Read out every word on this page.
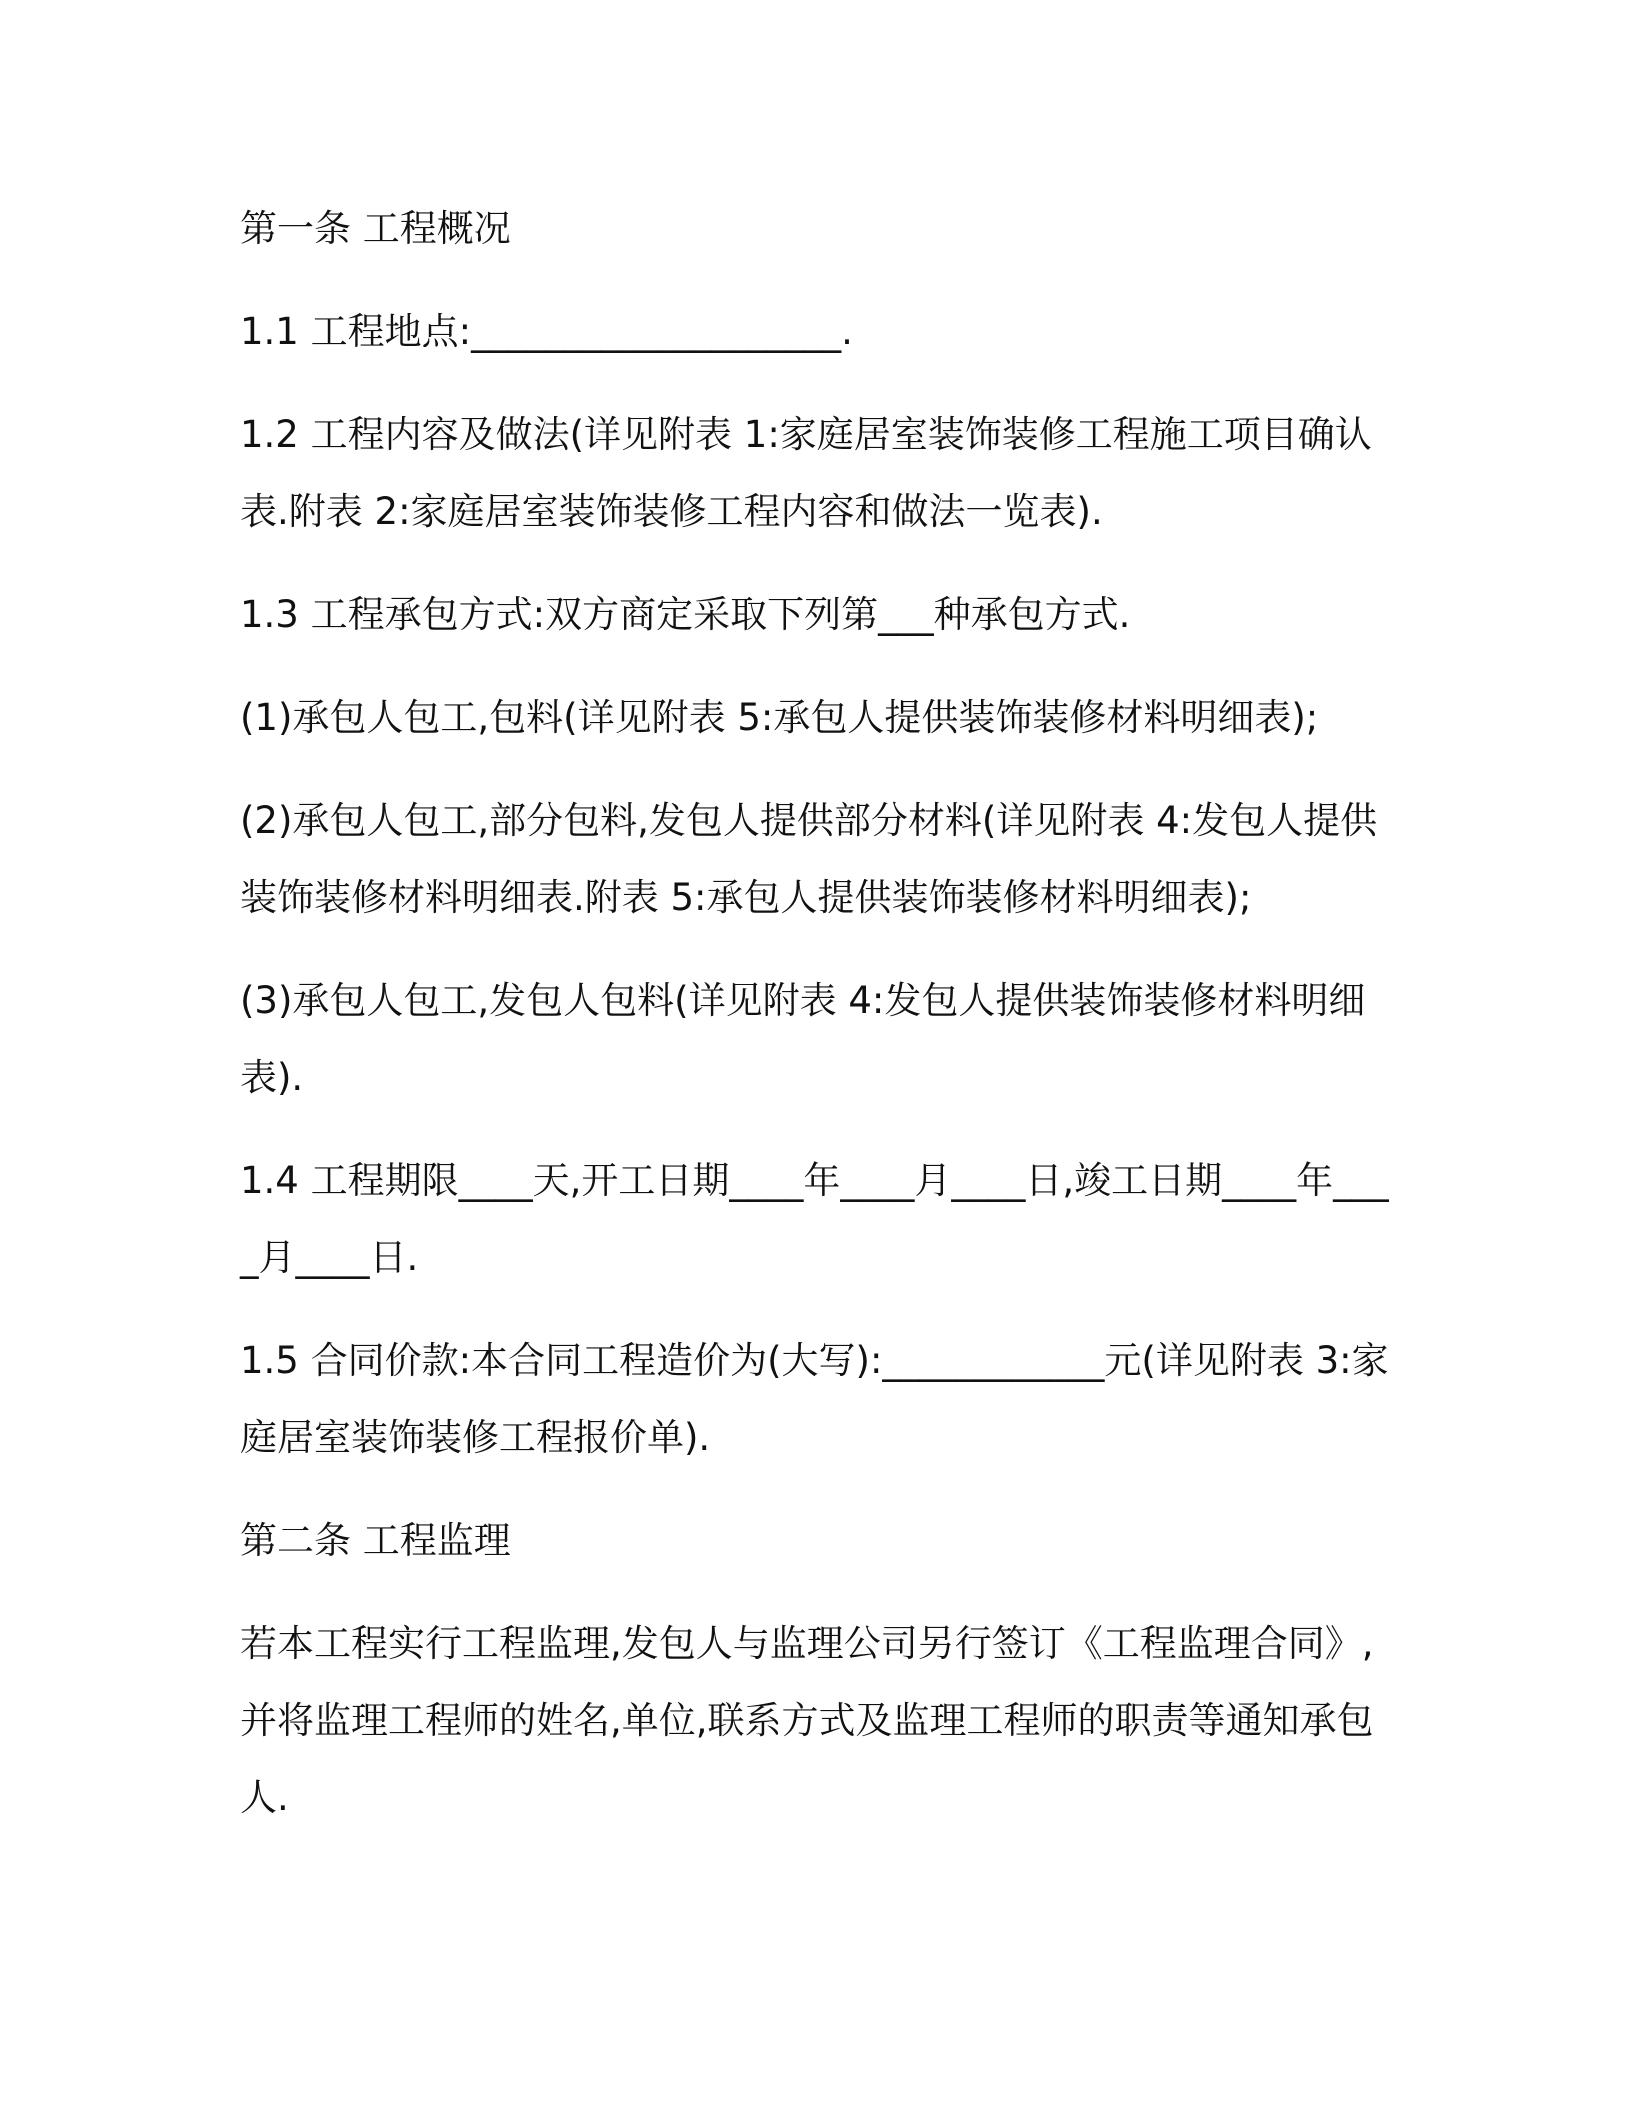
第一条 工程概况
1.1 工程地点:____________________.
1.2 工程内容及做法(详见附表 1:家庭居室装饰装修工程施工项目确认表.附表 2:家庭居室装饰装修工程内容和做法一览表).
1.3 工程承包方式:双方商定采取下列第___种承包方式.
(1)承包人包工,包料(详见附表 5:承包人提供装饰装修材料明细表);
(2)承包人包工,部分包料,发包人提供部分材料(详见附表 4:发包人提供装饰装修材料明细表.附表 5:承包人提供装饰装修材料明细表);
(3)承包人包工,发包人包料(详见附表 4:发包人提供装饰装修材料明细表).
1.4 工程期限____天,开工日期____年____月____日,竣工日期____年____月____日.
1.5 合同价款:本合同工程造价为(大写):____________元(详见附表 3:家庭居室装饰装修工程报价单).
第二条 工程监理
若本工程实行工程监理,发包人与监理公司另行签订《工程监理合同》,并将监理工程师的姓名,单位,联系方式及监理工程师的职责等通知承包人.
